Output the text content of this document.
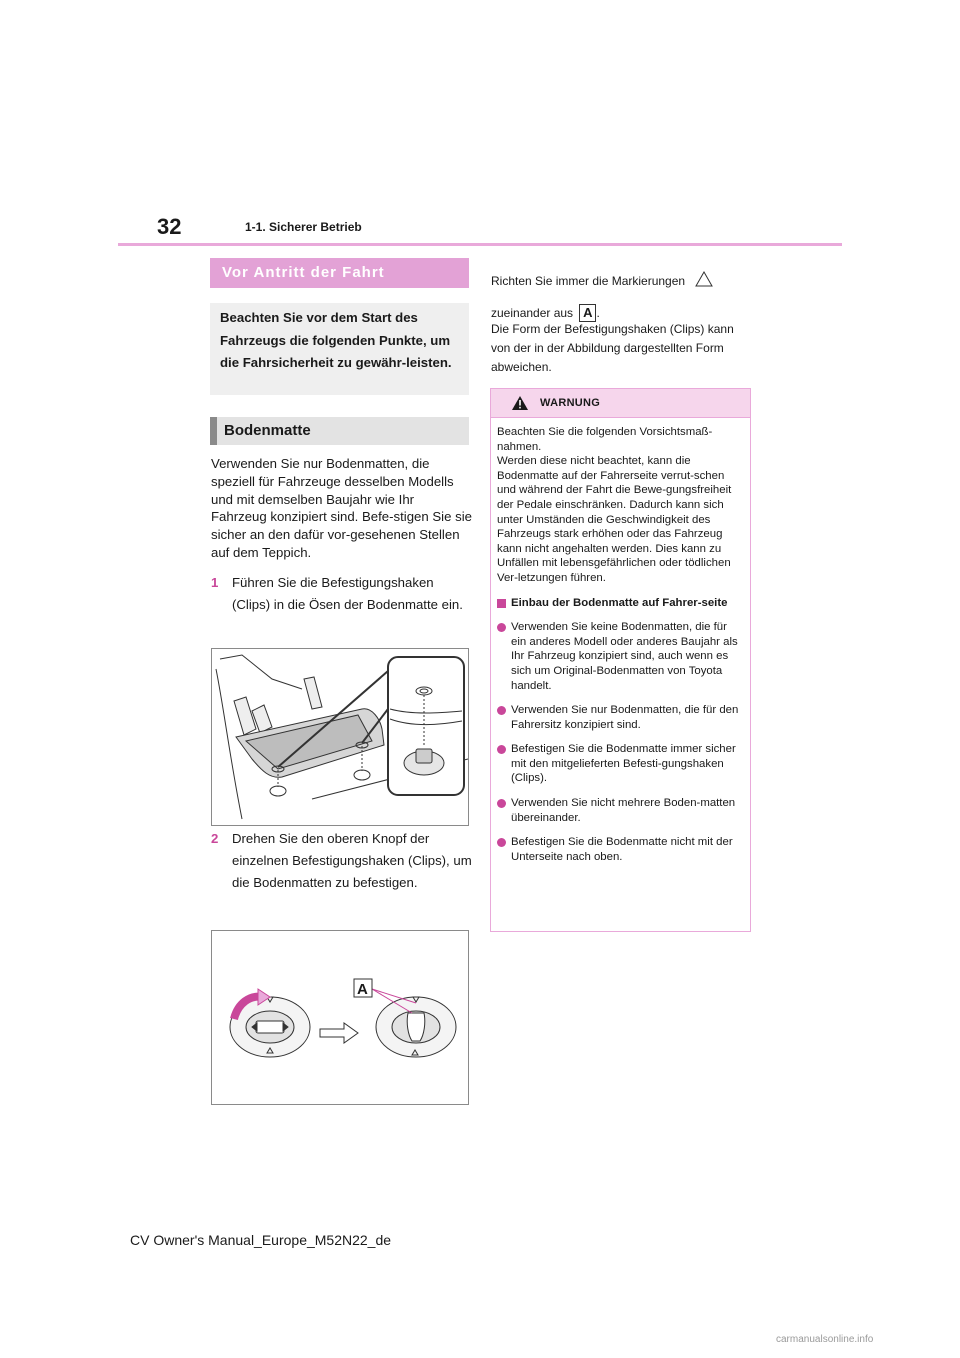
32	1-1. Sicherer Betrieb
Vor Antritt der Fahrt

Beachten Sie vor dem Start des Fahrzeugs die folgenden Punkte, um die Fahrsicherheit zu gewähr-leisten.

Bodenmatte

Verwenden Sie nur Bodenmatten, die speziell für Fahrzeuge desselben Modells und mit demselben Baujahr wie Ihr Fahrzeug konzipiert sind. Befe-stigen Sie sie sicher an den dafür vor-gesehenen Stellen auf dem Teppich.

1 Führen Sie die Befestigungshaken (Clips) in die Ösen der Bodenmatte ein.
2 Drehen Sie den oberen Knopf der einzelnen Befestigungshaken (Clips), um die Bodenmatten zu befestigen.
A

Richten Sie immer die Markierungen
zueinander aus A .

Die Form der Befestigungshaken (Clips) kann von der in der Abbildung dargestellten Form abweichen.

WARNUNG

Beachten Sie die folgenden Vorsichtsmaß-nahmen.

Werden diese nicht beachtet, kann die Bodenmatte auf der Fahrerseite verrut-schen und während der Fahrt die Bewe-gungsfreiheit der Pedale einschränken. Dadurch kann sich unter Umständen die Geschwindigkeit des Fahrzeugs stark erhöhen oder das Fahrzeug kann nicht angehalten werden. Dies kann zu Unfällen mit lebensgefährlichen oder tödlichen Ver-letzungen führen.

Einbau der Bodenmatte auf Fahrer-seite

Verwenden Sie keine Bodenmatten, die für ein anderes Modell oder anderes Baujahr als Ihr Fahrzeug konzipiert sind, auch wenn es sich um Original-Bodenmatten von Toyota handelt.

Verwenden Sie nur Bodenmatten, die für den Fahrersitz konzipiert sind.

Befestigen Sie die Bodenmatte immer sicher mit den mitgelieferten Befesti-gungshaken (Clips).

Verwenden Sie nicht mehrere Boden-matten übereinander.

Befestigen Sie die Bodenmatte nicht mit der Unterseite nach oben.

CV Owner's Manual_Europe_M52N22_de
carmanualsonline.info
